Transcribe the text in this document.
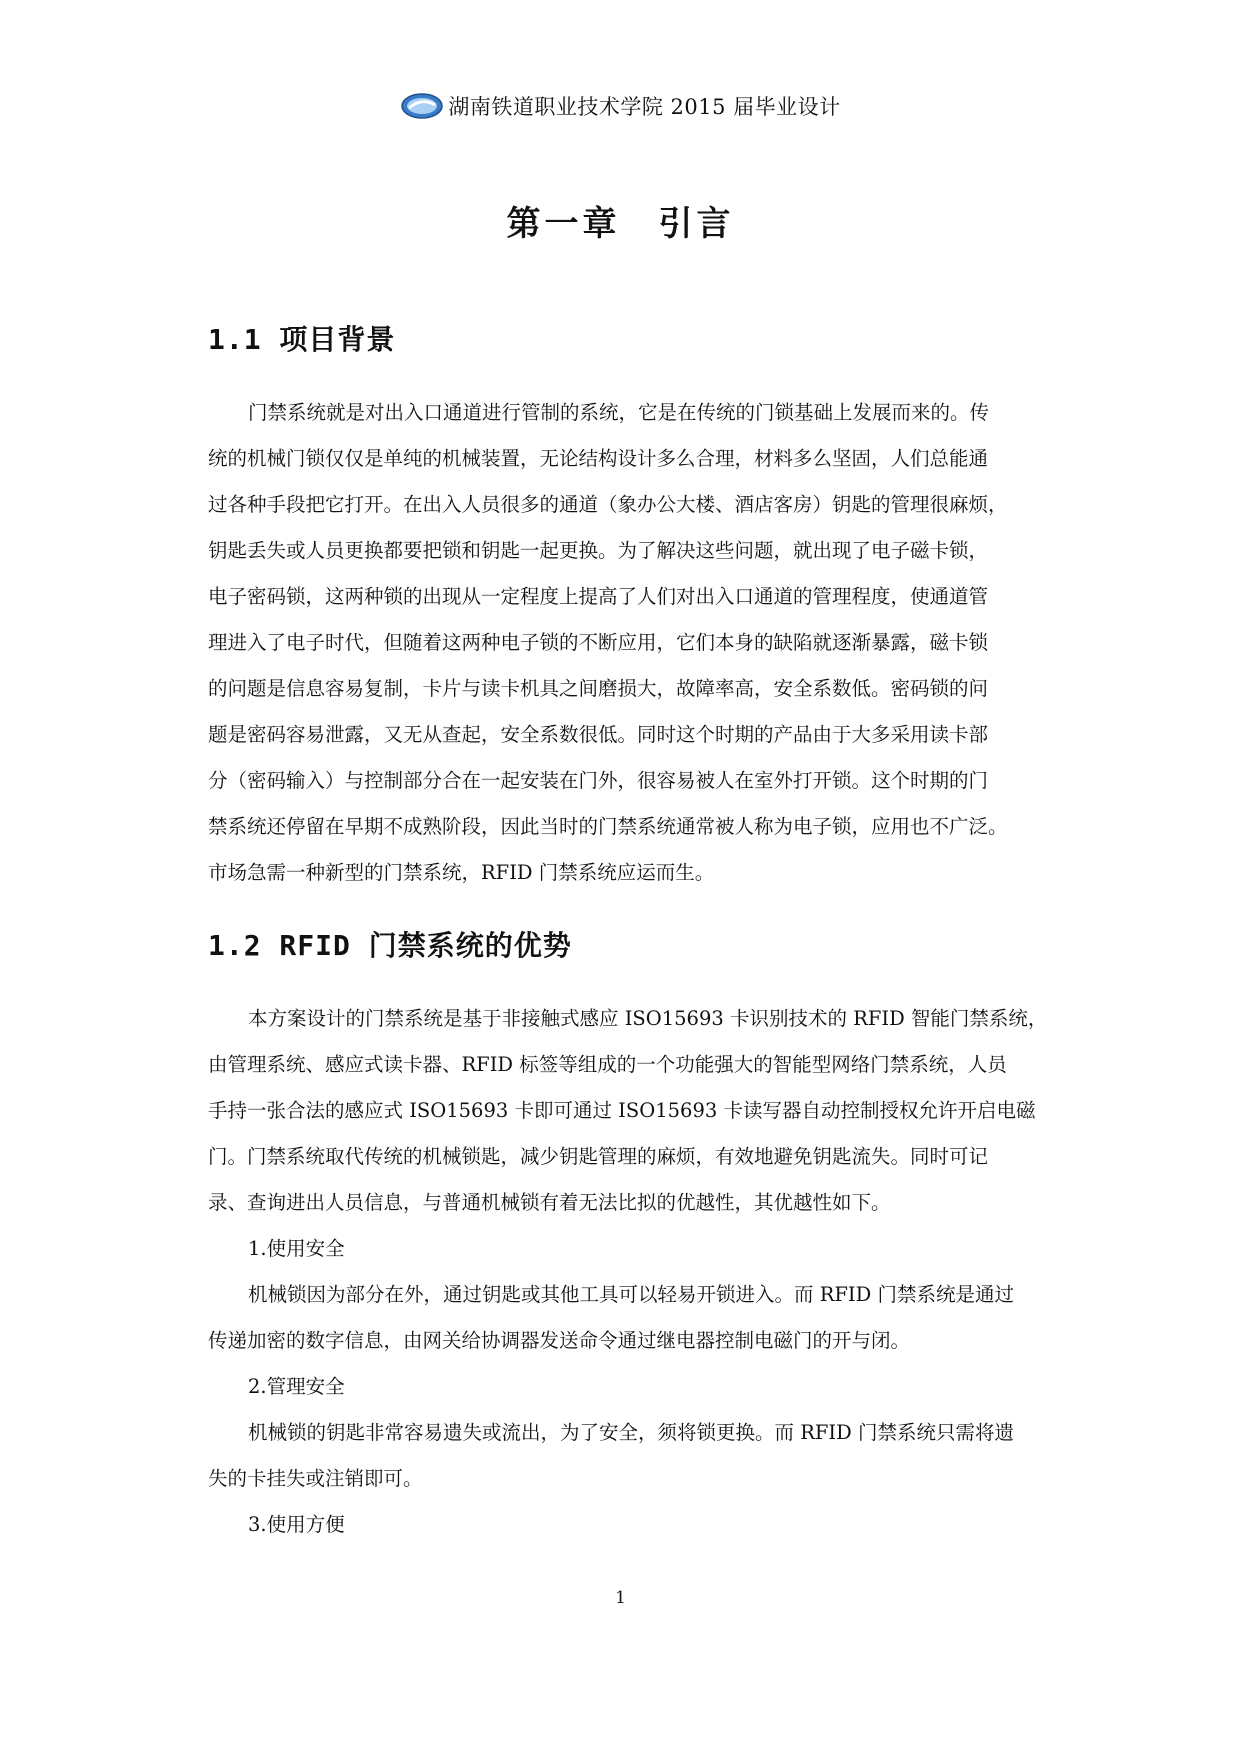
湖南铁道职业技术学院 2015 届毕业设计
第一章　引言
1.1 项目背景
门禁系统就是对出入口通道进行管制的系统，它是在传统的门锁基础上发展而来的。传
统的机械门锁仅仅是单纯的机械装置，无论结构设计多么合理，材料多么坚固，人们总能通
过各种手段把它打开。在出入人员很多的通道（象办公大楼、酒店客房）钥匙的管理很麻烦，
钥匙丢失或人员更换都要把锁和钥匙一起更换。为了解决这些问题，就出现了电子磁卡锁，
电子密码锁，这两种锁的出现从一定程度上提高了人们对出入口通道的管理程度，使通道管
理进入了电子时代，但随着这两种电子锁的不断应用，它们本身的缺陷就逐渐暴露，磁卡锁
的问题是信息容易复制，卡片与读卡机具之间磨损大，故障率高，安全系数低。密码锁的问
题是密码容易泄露，又无从查起，安全系数很低。同时这个时期的产品由于大多采用读卡部
分（密码输入）与控制部分合在一起安装在门外，很容易被人在室外打开锁。这个时期的门
禁系统还停留在早期不成熟阶段，因此当时的门禁系统通常被人称为电子锁，应用也不广泛。
市场急需一种新型的门禁系统，RFID 门禁系统应运而生。
1.2 RFID 门禁系统的优势
本方案设计的门禁系统是基于非接触式感应 ISO15693 卡识别技术的 RFID 智能门禁系统，
由管理系统、感应式读卡器、RFID 标签等组成的一个功能强大的智能型网络门禁系统，人员
手持一张合法的感应式 ISO15693 卡即可通过 ISO15693 卡读写器自动控制授权允许开启电磁
门。门禁系统取代传统的机械锁匙，减少钥匙管理的麻烦，有效地避免钥匙流失。同时可记
录、查询进出人员信息，与普通机械锁有着无法比拟的优越性，其优越性如下。
1.使用安全
机械锁因为部分在外，通过钥匙或其他工具可以轻易开锁进入。而 RFID 门禁系统是通过
传递加密的数字信息，由网关给协调器发送命令通过继电器控制电磁门的开与闭。
2.管理安全
机械锁的钥匙非常容易遗失或流出，为了安全，须将锁更换。而 RFID 门禁系统只需将遗
失的卡挂失或注销即可。
3.使用方便
1
